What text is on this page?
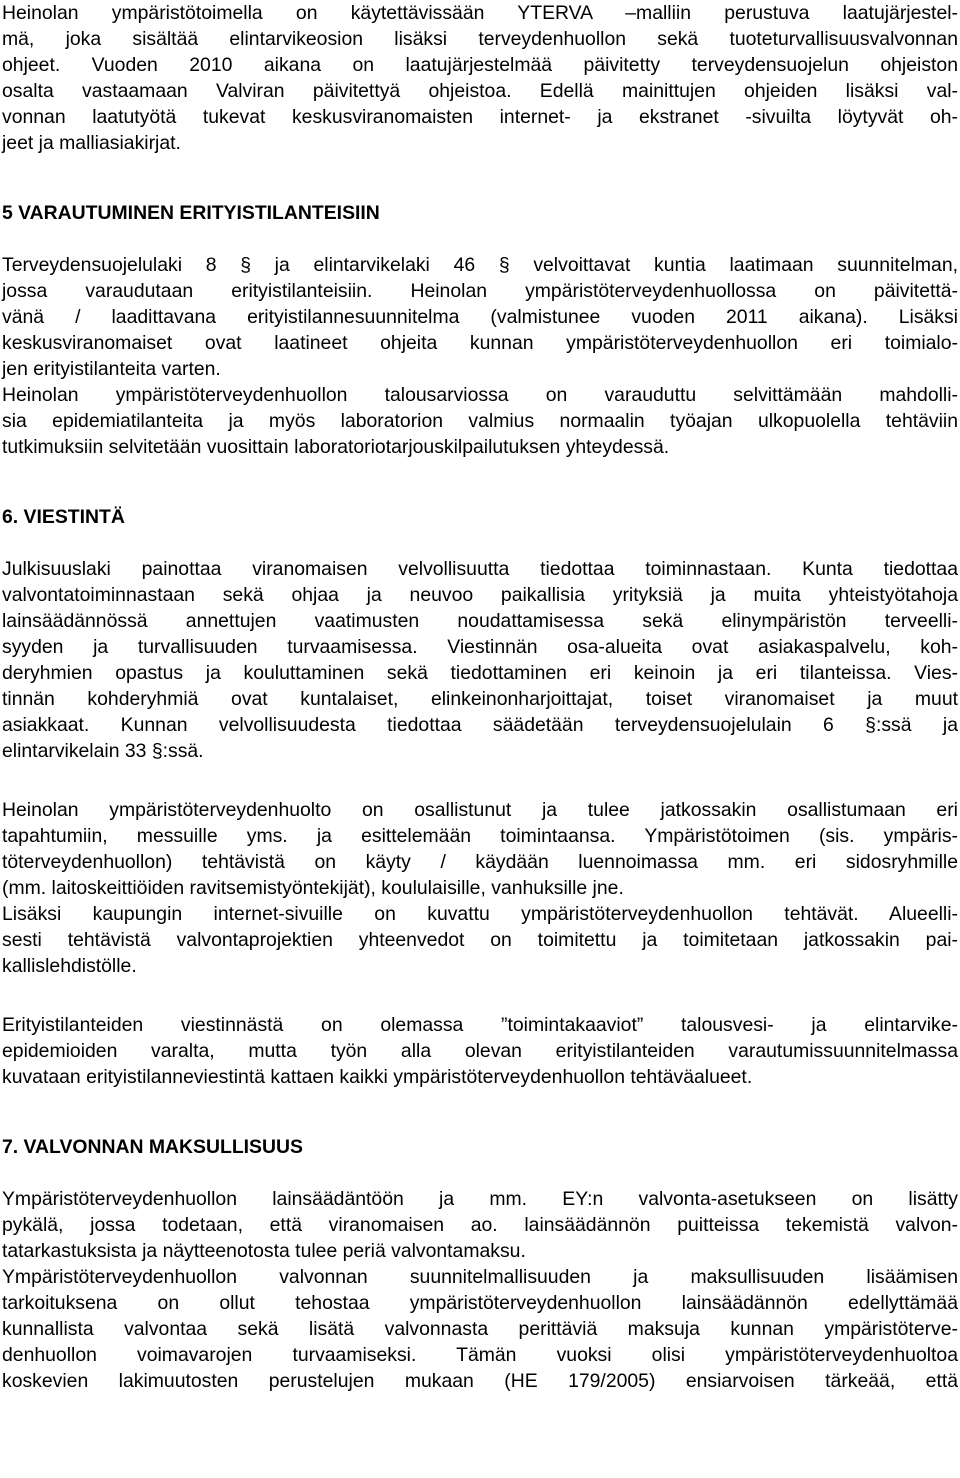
Heinolan ympäristötoimella on käytettävissään YTERVA –malliin perustuva laatujärjestel-
mä, joka sisältää elintarvikeosion lisäksi terveydenhuollon sekä tuoteturvallisuusvalvonnan
ohjeet. Vuoden 2010 aikana on laatujärjestelmää päivitetty terveydensuojelun ohjeiston
osalta vastaamaan Valviran päivitettyä ohjeistoa. Edellä mainittujen ohjeiden lisäksi val-
vonnan laatutyötä tukevat keskusviranomaisten internet- ja ekstranet -sivuilta löytyvät oh-
jeet ja malliasiakirjat.
5 VARAUTUMINEN ERITYISTILANTEISIIN
Terveydensuojelulaki 8 § ja elintarvikelaki 46 § velvoittavat kuntia laatimaan suunnitelman,
jossa varaudutaan erityistilanteisiin. Heinolan ympäristöterveydenhuollossa on päivitettä-
vänä / laadittavana erityistilannesuunnitelma (valmistunee vuoden 2011 aikana). Lisäksi
keskusviranomaiset ovat laatineet ohjeita kunnan ympäristöterveydenhuollon eri toimialo-
jen erityistilanteita varten.
Heinolan ympäristöterveydenhuollon talousarviossa on varauduttu selvittämään mahdolli-
sia epidemiatilanteita ja myös laboratorion valmius normaalin työajan ulkopuolella tehtäviin
tutkimuksiin selvitetään vuosittain laboratoriotarjouskilpailutuksen yhteydessä.
6. VIESTINTÄ
Julkisuuslaki painottaa viranomaisen velvollisuutta tiedottaa toiminnastaan. Kunta tiedottaa
valvontatoiminnastaan sekä ohjaa ja neuvoo paikallisia yrityksiä ja muita yhteistyötahoja
lainsäädännössä annettujen vaatimusten noudattamisessa sekä elinympäristön terveelli-
syyden ja turvallisuuden turvaamisessa. Viestinnän osa-alueita ovat asiakaspalvelu, koh-
deryhmien opastus ja kouluttaminen sekä tiedottaminen eri keinoin ja eri tilanteissa. Vies-
tinnän kohderyhmiä ovat kuntalaiset, elinkeinonharjoittajat, toiset viranomaiset ja muut
asiakkaat. Kunnan velvollisuudesta tiedottaa säädetään terveydensuojelulain 6 §:ssä ja
elintarvikelain 33 §:ssä.
Heinolan ympäristöterveydenhuolto on osallistunut ja tulee jatkossakin osallistumaan eri
tapahtumiin, messuille yms. ja esittelemään toimintaansa. Ympäristötoimen (sis. ympäris-
töterveydenhuollon) tehtävistä on käyty / käydään luennoimassa mm. eri sidosryhmille
(mm. laitoskeittiöiden ravitsemistyöntekijät), koululaisille, vanhuksille jne.
Lisäksi kaupungin internet-sivuille on kuvattu ympäristöterveydenhuollon tehtävät. Alueelli-
sesti tehtävistä valvontaprojektien yhteenvedot on toimitettu ja toimitetaan jatkossakin pai-
kallislehdistölle.
Erityistilanteiden viestinnästä on olemassa ”toimintakaaviot” talousvesi- ja elintarvike-
epidemioiden varalta, mutta työn alla olevan erityistilanteiden varautumissuunnitelmassa
kuvataan erityistilanneviestintä kattaen kaikki ympäristöterveydenhuollon tehtäväalueet.
7. VALVONNAN MAKSULLISUUS
Ympäristöterveydenhuollon lainsäädäntöön ja mm. EY:n valvonta-asetukseen on lisätty
pykälä, jossa todetaan, että viranomaisen ao. lainsäädännön puitteissa tekemistä valvon-
tatarkastuksista ja näytteenotosta tulee periä valvontamaksu.
Ympäristöterveydenhuollon valvonnan suunnitelmallisuuden ja maksullisuuden lisäämisen
tarkoituksena on ollut tehostaa ympäristöterveydenhuollon lainsäädännön edellyttämää
kunnallista valvontaa sekä lisätä valvonnasta perittäviä maksuja kunnan ympäristöterve-
denhuollon voimavarojen turvaamiseksi. Tämän vuoksi olisi ympäristöterveydenhuoltoa
koskevien lakimuutosten perustelujen mukaan (HE 179/2005) ensiarvoisen tärkeää, että
